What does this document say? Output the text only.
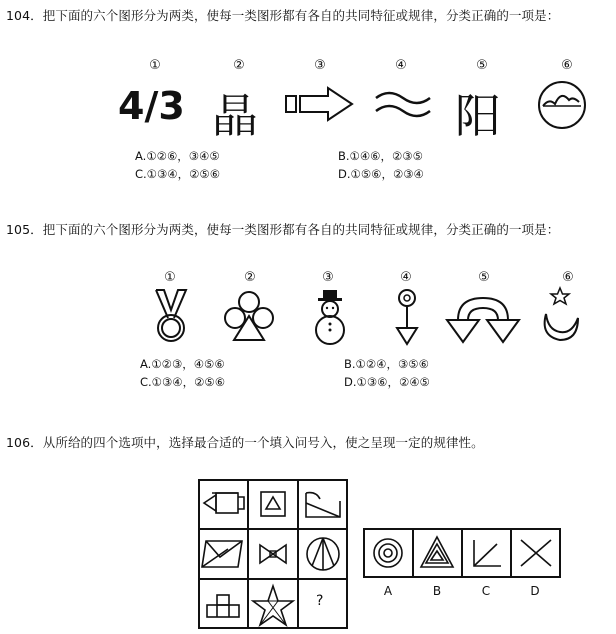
104．把下面的六个图形分为两类，使每一类图形都有各自的共同特征或规律，分类正确的一项是：
①	②	③	④	⑤	⑥
4/3 晶	阳
A.①②⑥，③④⑤	B.①④⑥，②③⑤
C.①③④，②⑤⑥	D.①⑤⑥，②③④
105．把下面的六个图形分为两类，使每一类图形都有各自的共同特征或规律，分类正确的一项是：
①	②	③	④	⑤	⑥
A.①②③，④⑤⑥	B.①②④，③⑤⑥
C.①③④，②⑤⑥	D.①③⑥，②④⑤
106．从所给的四个选项中，选择最合适的一个填入问号入，使之呈现一定的规律性。
?
A	B	C	D
